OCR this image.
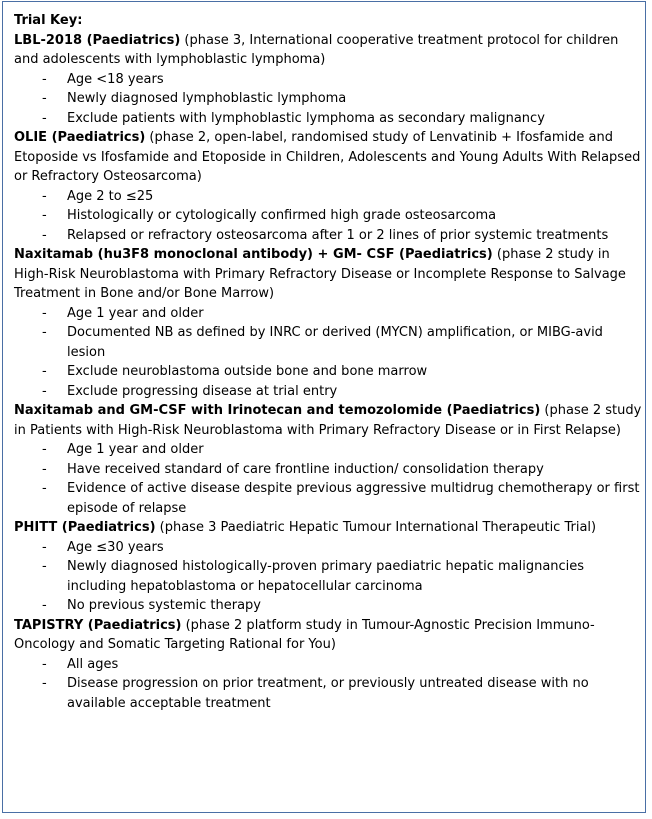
Trial Key:

LBL-2018 (Paediatrics) (phase 3, International cooperative treatment protocol for children and adolescents with lymphoblastic lymphoma)

- Age <18 years
- Newly diagnosed lymphoblastic lymphoma
- Exclude patients with lymphoblastic lymphoma as secondary malignancy

OLIE (Paediatrics) (phase 2, open-label, randomised study of Lenvatinib + Ifosfamide and Etoposide vs Ifosfamide and Etoposide in Children, Adolescents and Young Adults With Relapsed or Refractory Osteosarcoma)

- Age 2 to ≤25
- Histologically or cytologically confirmed high grade osteosarcoma
- Relapsed or refractory osteosarcoma after 1 or 2 lines of prior systemic treatments

Naxitamab (hu3F8 monoclonal antibody) + GM- CSF (Paediatrics) (phase 2 study in High-Risk Neuroblastoma with Primary Refractory Disease or Incomplete Response to Salvage Treatment in Bone and/or Bone Marrow)

- Age 1 year and older
- Documented NB as defined by INRC or derived (MYCN) amplification, or MIBG-avid lesion
- Exclude neuroblastoma outside bone and bone marrow
- Exclude progressing disease at trial entry

Naxitamab and GM-CSF with Irinotecan and temozolomide (Paediatrics) (phase 2 study in Patients with High-Risk Neuroblastoma with Primary Refractory Disease or in First Relapse)

- Age 1 year and older
- Have received standard of care frontline induction/ consolidation therapy
- Evidence of active disease despite previous aggressive multidrug chemotherapy or first episode of relapse

PHITT (Paediatrics) (phase 3 Paediatric Hepatic Tumour International Therapeutic Trial)

- Age ≤30 years
- Newly diagnosed histologically-proven primary paediatric hepatic malignancies including hepatoblastoma or hepatocellular carcinoma
- No previous systemic therapy

TAPISTRY (Paediatrics) (phase 2 platform study in Tumour-Agnostic Precision Immuno-Oncology and Somatic Targeting Rational for You)

- All ages
- Disease progression on prior treatment, or previously untreated disease with no available acceptable treatment
